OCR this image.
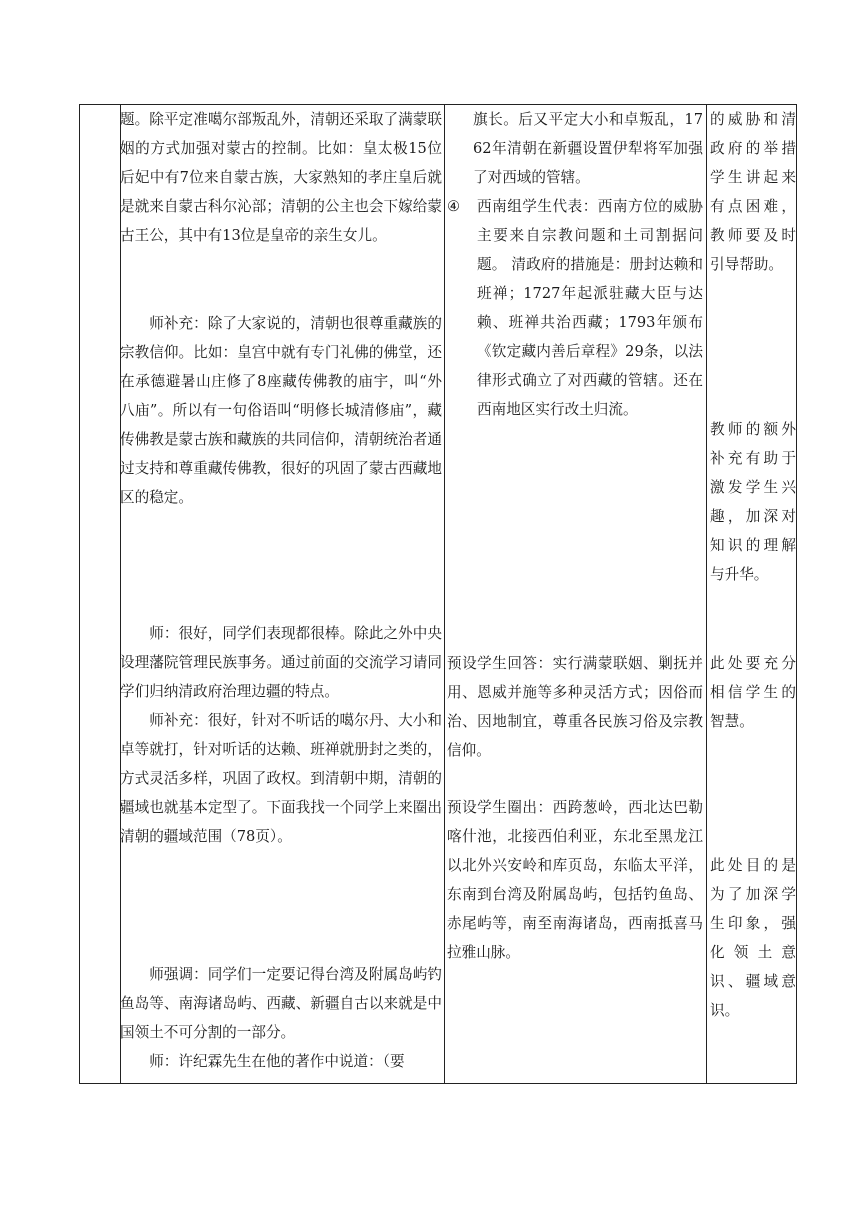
题。除平定准噶尔部叛乱外，清朝还采取了满蒙联姻的方式加强对蒙古的控制。比如：皇太极15位后妃中有7位来自蒙古族，大家熟知的孝庄皇后就是就来自蒙古科尔沁部；清朝的公主也会下嫁给蒙古王公，其中有13位是皇帝的亲生女儿。

师补充：除了大家说的，清朝也很尊重藏族的宗教信仰。比如：皇宫中就有专门礼佛的佛堂，还在承德避暑山庄修了8座藏传佛教的庙宇，叫“外八庙”。所以有一句俗语叫“明修长城清修庙”，藏传佛教是蒙古族和藏族的共同信仰，清朝统治者通过支持和尊重藏传佛教，很好的巩固了蒙古西藏地区的稳定。

师：很好，同学们表现都很棒。除此之外中央设理藩院管理民族事务。通过前面的交流学习请同学们归纳清政府治理边疆的特点。

师补充：很好，针对不听话的噶尔丹、大小和卓等就打，针对听话的达赖、班禅就册封之类的，方式灵活多样，巩固了政权。到清朝中期，清朝的疆域也就基本定型了。下面我找一个同学上来圈出清朝的疆域范围（78页）。

师强调：同学们一定要记得台湾及附属岛屿钓鱼岛等、南海诸岛屿、西藏、新疆自古以来就是中国领土不可分割的一部分。

师：许纪霖先生在他的著作中说道：（要

旗长。后又平定大小和卓叛乱，1762年清朝在新疆设置伊犁将军加强了对西域的管辖。

④ 西南组学生代表：西南方位的威胁主要来自宗教问题和土司割据问题。 清政府的措施是：册封达赖和班禅；1727年起派驻藏大臣与达赖、班禅共治西藏；1793年颁布《钦定藏内善后章程》29条，以法律形式确立了对西藏的管辖。还在西南地区实行改土归流。

预设学生回答：实行满蒙联姻、剿抚并用、恩威并施等多种灵活方式；因俗而治、因地制宜，尊重各民族习俗及宗教信仰。

预设学生圈出：西跨葱岭，西北达巴勒喀什池，北接西伯利亚，东北至黑龙江以北外兴安岭和库页岛，东临太平洋，东南到台湾及附属岛屿，包括钓鱼岛、赤尾屿等，南至南海诸岛，西南抵喜马拉雅山脉。

的威胁和清政府的举措学生讲起来有点困难，教师要及时引导帮助。

教师的额外补充有助于激发学生兴趣，加深对知识的理解与升华。

此处要充分相信学生的智慧。

此处目的是为了加深学生印象，强化领土意识、疆域意识。
